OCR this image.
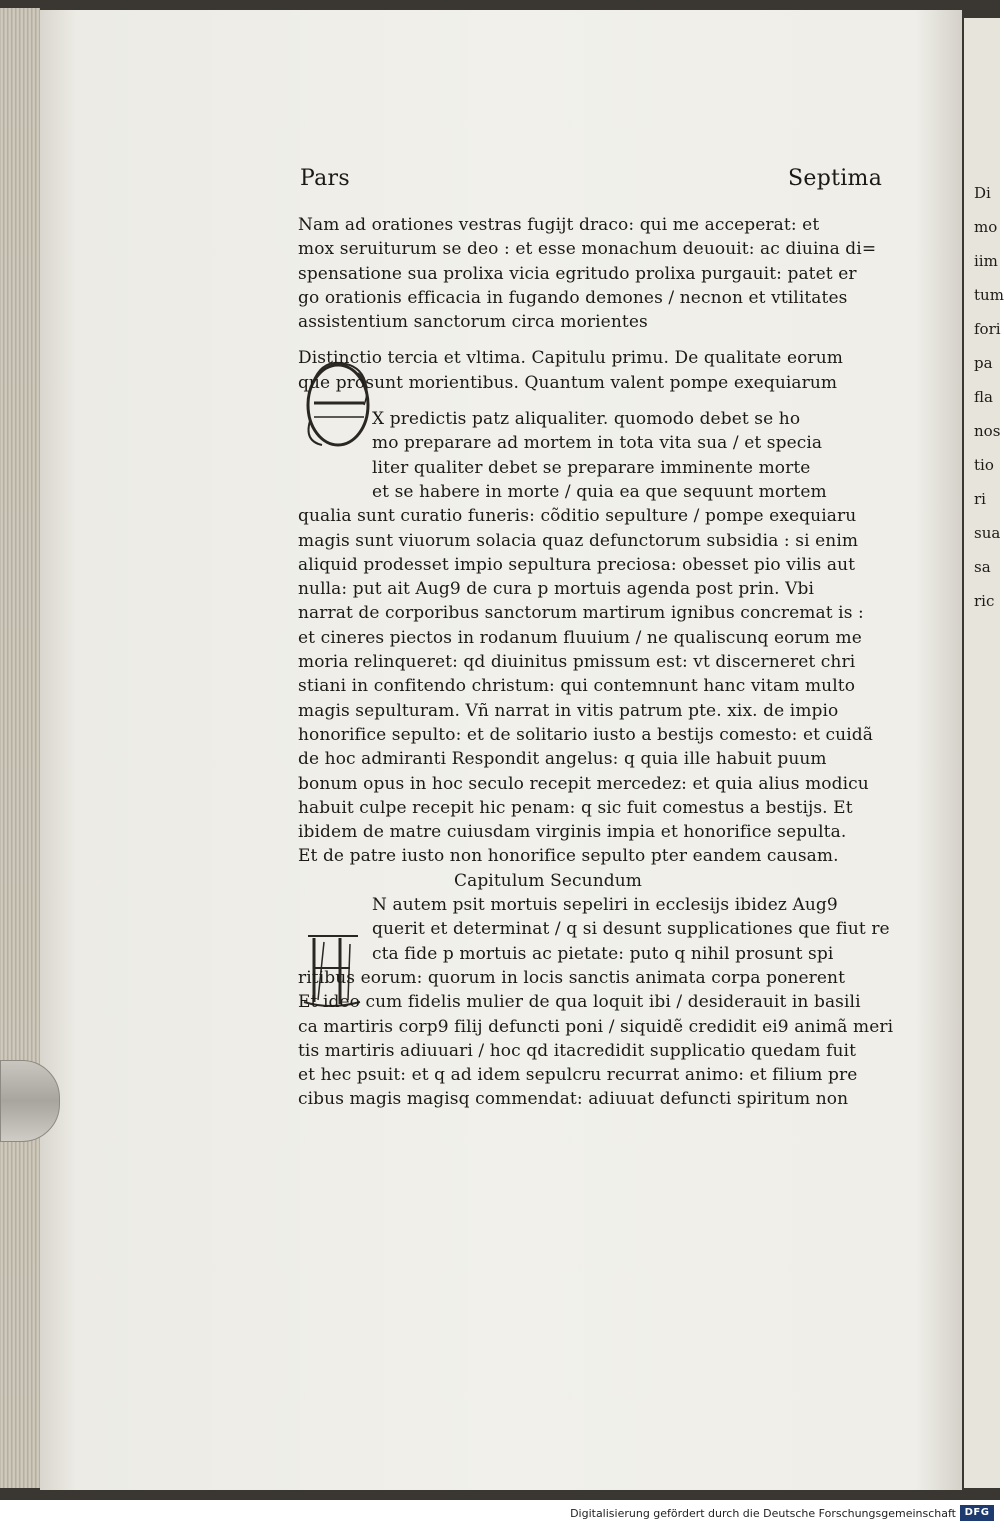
Di
mo
iim
tum
fori
pa
fla
nos
tio
ri
sua
sa
ric
Pars	Septima
Nam ad orationes vestras fugijt draco: qui me acceperat: et
mox seruiturum se deo : et esse monachum deuouit: ac diuina di=
spensatione sua prolixa vicia egritudo prolixa purgauit: patet er
go orationis efficacia in fugando demones / necnon et vtilitates
assistentium sanctorum circa morientes
Distinctio tercia et vltima. Capitulu primu. De qualitate eorum
que prosunt morientibus. Quantum valent pompe exequiarum
X predictis patz aliqualiter. quomodo debet se ho
mo preparare ad mortem in tota vita sua / et specia
liter qualiter debet se preparare imminente morte
et se habere in morte / quia ea que sequunt mortem
qualia sunt curatio funeris: cõditio sepulture / pompe exequiaru
magis sunt viuorum solacia quaz defunctorum subsidia : si enim
aliquid prodesset impio sepultura preciosa: obesset pio vilis aut
nulla: put ait Aug9 de cura p mortuis agenda post prin. Vbi
narrat de corporibus sanctorum martirum ignibus concremat is :
et cineres piectos in rodanum fluuium / ne qualiscunq eorum me
moria relinqueret: qd diuinitus pmissum est: vt discerneret chri
stiani in confitendo christum: qui contemnunt hanc vitam multo
magis sepulturam. Vñ narrat in vitis patrum pte. xix. de impio
honorifice sepulto: et de solitario iusto a bestijs comesto: et cuidã
de hoc admiranti Respondit angelus: q quia ille habuit puum
bonum opus in hoc seculo recepit mercedez: et quia alius modicu
habuit culpe recepit hic penam: q sic fuit comestus a bestijs. Et
ibidem de matre cuiusdam virginis impia et honorifice sepulta.
Et de patre iusto non honorifice sepulto pter eandem causam.
Capitulum Secundum
N autem psit mortuis sepeliri in ecclesijs ibidez Aug9
querit et determinat / q si desunt supplicationes que fiut re
cta fide p mortuis ac pietate: puto q nihil prosunt spi
ritibus eorum: quorum in locis sanctis animata corpa ponerent
Et ideo cum fidelis mulier de qua loquit ibi / desiderauit in basili
ca martiris corp9 filij defuncti poni / siquidẽ credidit ei9 animã meri
tis martiris adiuuari / hoc qd itacredidit supplicatio quedam fuit
et hec psuit: et q ad idem sepulcru recurrat animo: et filium pre
cibus magis magisq commendat: adiuuat defuncti spiritum non
Digitalisierung gefördert durch die Deutsche Forschungsgemeinschaft DFG
